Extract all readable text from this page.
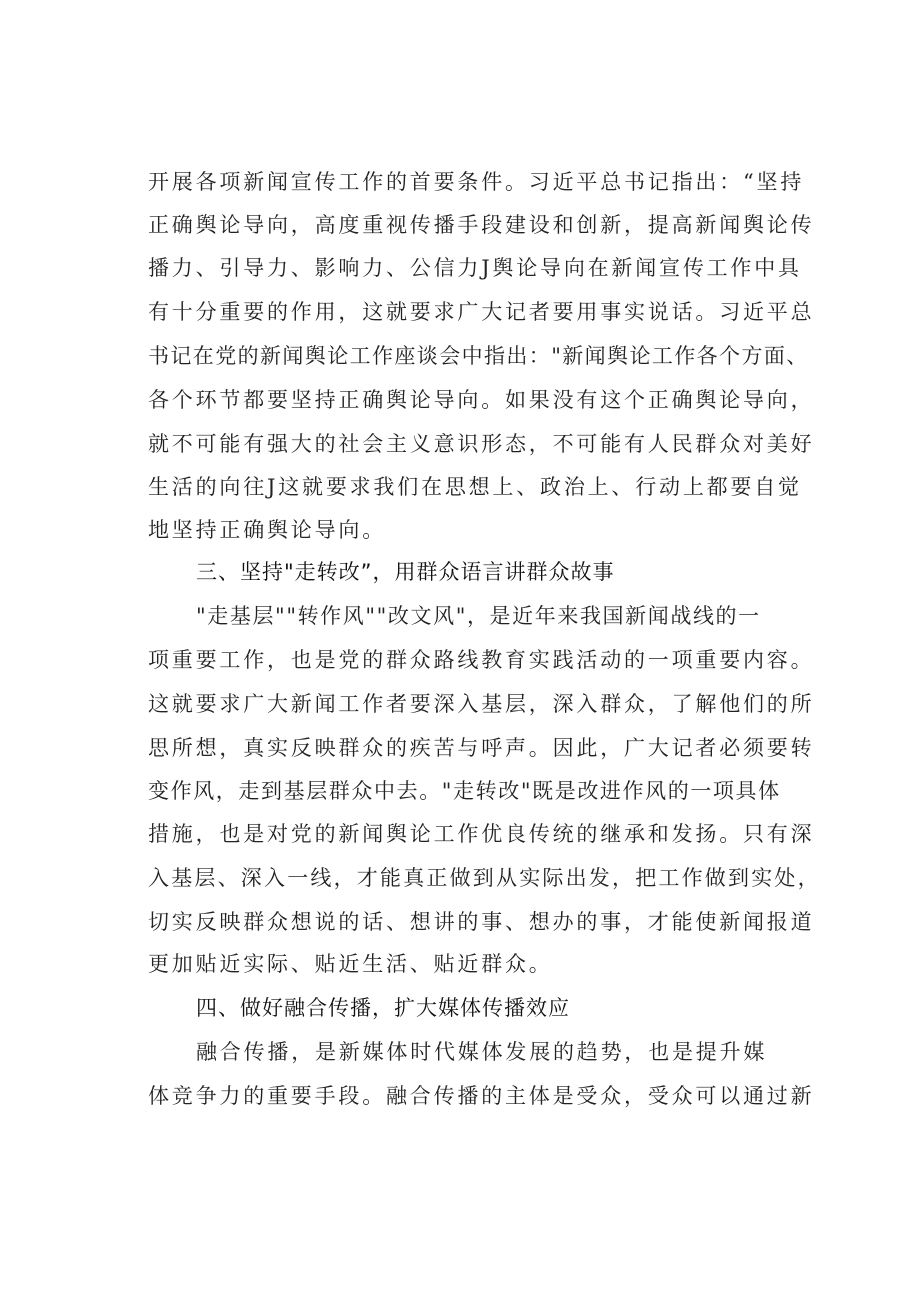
开展各项新闻宣传工作的首要条件。习近平总书记指出：“坚持
正确舆论导向，高度重视传播手段建设和创新，提高新闻舆论传
播力、引导力、影响力、公信力J舆论导向在新闻宣传工作中具
有十分重要的作用，这就要求广大记者要用事实说话。习近平总
书记在党的新闻舆论工作座谈会中指出："新闻舆论工作各个方面、
各个环节都要坚持正确舆论导向。如果没有这个正确舆论导向，
就不可能有强大的社会主义意识形态，不可能有人民群众对美好
生活的向往J这就要求我们在思想上、政治上、行动上都要自觉
地坚持正确舆论导向。
三、坚持"走转改”，用群众语言讲群众故事
"走基层""转作风""改文风"，是近年来我国新闻战线的一
项重要工作，也是党的群众路线教育实践活动的一项重要内容。
这就要求广大新闻工作者要深入基层，深入群众，了解他们的所
思所想，真实反映群众的疾苦与呼声。因此，广大记者必须要转
变作风，走到基层群众中去。"走转改"既是改进作风的一项具体
措施，也是对党的新闻舆论工作优良传统的继承和发扬。只有深
入基层、深入一线，才能真正做到从实际出发，把工作做到实处，
切实反映群众想说的话、想讲的事、想办的事，才能使新闻报道
更加贴近实际、贴近生活、贴近群众。
四、做好融合传播，扩大媒体传播效应
融合传播，是新媒体时代媒体发展的趋势，也是提升媒
体竞争力的重要手段。融合传播的主体是受众，受众可以通过新
